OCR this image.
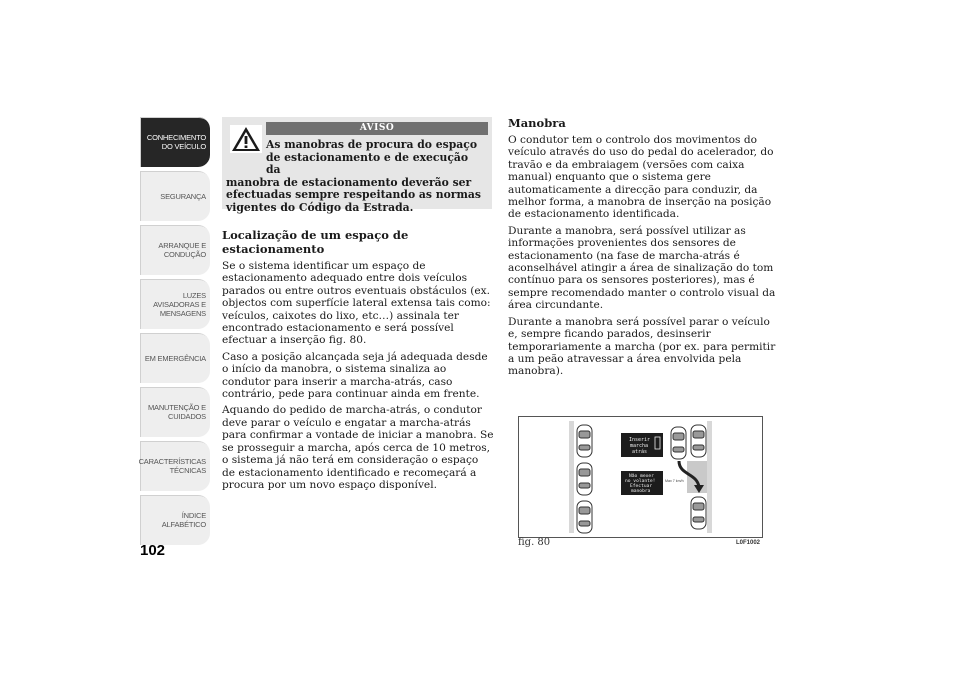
CONHECIMENTO
DO VEÍCULO
SEGURANÇA
ARRANQUE E
CONDUÇÃO
LUZES
AVISADORAS E
MENSAGENS
EM EMERGÊNCIA
MANUTENÇÃO E
CUIDADOS
CARACTERÍSTICAS
TÉCNICAS
ÍNDICE
ALFABÉTICO
102
AVISO
As manobras de procura do espaço
de estacionamento e de execução da
manobra de estacionamento deverão ser efectuadas sempre respeitando as normas vigentes do Código da Estrada.
Localização de um espaço de estacionamento

Se o sistema identificar um espaço de estacionamento adequado entre dois veículos parados ou entre outros eventuais obstáculos (ex. objectos com superfície lateral extensa tais como: veículos, caixotes do lixo, etc…) assinala ter encontrado estacionamento e será possível efectuar a inserção fig. 80.

Caso a posição alcançada seja já adequada desde o início da manobra, o sistema sinaliza ao condutor para inserir a marcha-atrás, caso contrário, pede para continuar ainda em frente.

Aquando do pedido de marcha-atrás, o condutor deve parar o veículo e engatar a marcha-atrás para confirmar a vontade de iniciar a manobra. Se se prosseguir a marcha, após cerca de 10 metros, o sistema já não terá em consideração o espaço de estacionamento identificado e recomeçará a procura por um novo espaço disponível.

Manobra

O condutor tem o controlo dos movimentos do veículo através do uso do pedal do acelerador, do travão e da embraiagem (versões com caixa manual) enquanto que o sistema gere automaticamente a direcção para conduzir, da melhor forma, a manobra de inserção na posição de estacionamento identificada.

Durante a manobra, será possível utilizar as informações provenientes dos sensores de estacionamento (na fase de marcha-atrás é aconselhável atingir a área de sinalização do tom contínuo para os sensores posteriores), mas é sempre recomendado manter o controlo visual da área circundante.

Durante a manobra será possível parar o veículo e, sempre ficando parados, desinserir temporariamente a marcha (por ex. para permitir a um peão atravessar a área envolvida pela manobra).

Inserir
marcha
atrás
Não mexer
no volante!
Efectuar
manobra
Max 7 km/h
fig. 80	L0F1002
